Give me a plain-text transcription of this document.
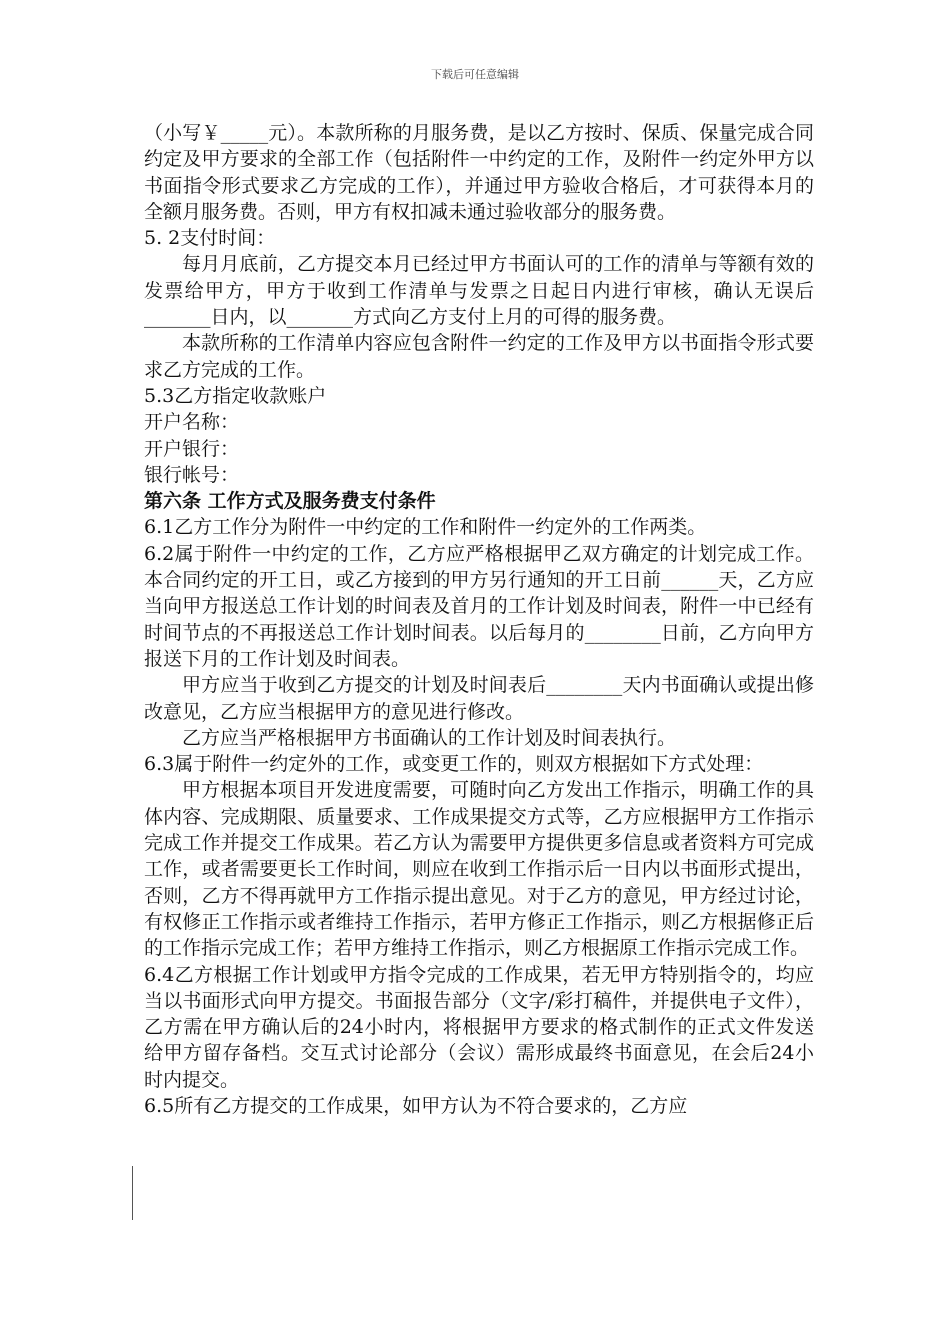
下载后可任意编辑

（小写￥_____元）。本款所称的月服务费，是以乙方按时、保质、保量完成合同约定及甲方要求的全部工作（包括附件一中约定的工作，及附件一约定外甲方以书面指令形式要求乙方完成的工作），并通过甲方验收合格后，才可获得本月的全额月服务费。否则，甲方有权扣减未通过验收部分的服务费。

5. 2支付时间：

每月月底前，乙方提交本月已经过甲方书面认可的工作的清单与等额有效的发票给甲方，甲方于收到工作清单与发票之日起日内进行审核，确认无误后_______日内，以_______方式向乙方支付上月的可得的服务费。

本款所称的工作清单内容应包含附件一约定的工作及甲方以书面指令形式要求乙方完成的工作。

5.3乙方指定收款账户

开户名称：

开户银行：

银行帐号：

第六条 工作方式及服务费支付条件

6.1乙方工作分为附件一中约定的工作和附件一约定外的工作两类。

6.2属于附件一中约定的工作，乙方应严格根据甲乙双方确定的计划完成工作。本合同约定的开工日，或乙方接到的甲方另行通知的开工日前______天，乙方应当向甲方报送总工作计划的时间表及首月的工作计划及时间表，附件一中已经有时间节点的不再报送总工作计划时间表。以后每月的________日前，乙方向甲方报送下月的工作计划及时间表。

甲方应当于收到乙方提交的计划及时间表后________天内书面确认或提出修改意见，乙方应当根据甲方的意见进行修改。

乙方应当严格根据甲方书面确认的工作计划及时间表执行。

6.3属于附件一约定外的工作，或变更工作的，则双方根据如下方式处理：

甲方根据本项目开发进度需要，可随时向乙方发出工作指示，明确工作的具体内容、完成期限、质量要求、工作成果提交方式等，乙方应根据甲方工作指示完成工作并提交工作成果。若乙方认为需要甲方提供更多信息或者资料方可完成工作，或者需要更长工作时间，则应在收到工作指示后一日内以书面形式提出，否则，乙方不得再就甲方工作指示提出意见。对于乙方的意见，甲方经过讨论，有权修正工作指示或者维持工作指示，若甲方修正工作指示，则乙方根据修正后的工作指示完成工作；若甲方维持工作指示，则乙方根据原工作指示完成工作。

6.4乙方根据工作计划或甲方指令完成的工作成果，若无甲方特别指令的，均应当以书面形式向甲方提交。书面报告部分（文字/彩打稿件，并提供电子文件），乙方需在甲方确认后的24小时内，将根据甲方要求的格式制作的正式文件发送给甲方留存备档。交互式讨论部分（会议）需形成最终书面意见，在会后24小时内提交。

6.5所有乙方提交的工作成果，如甲方认为不符合要求的，乙方应
